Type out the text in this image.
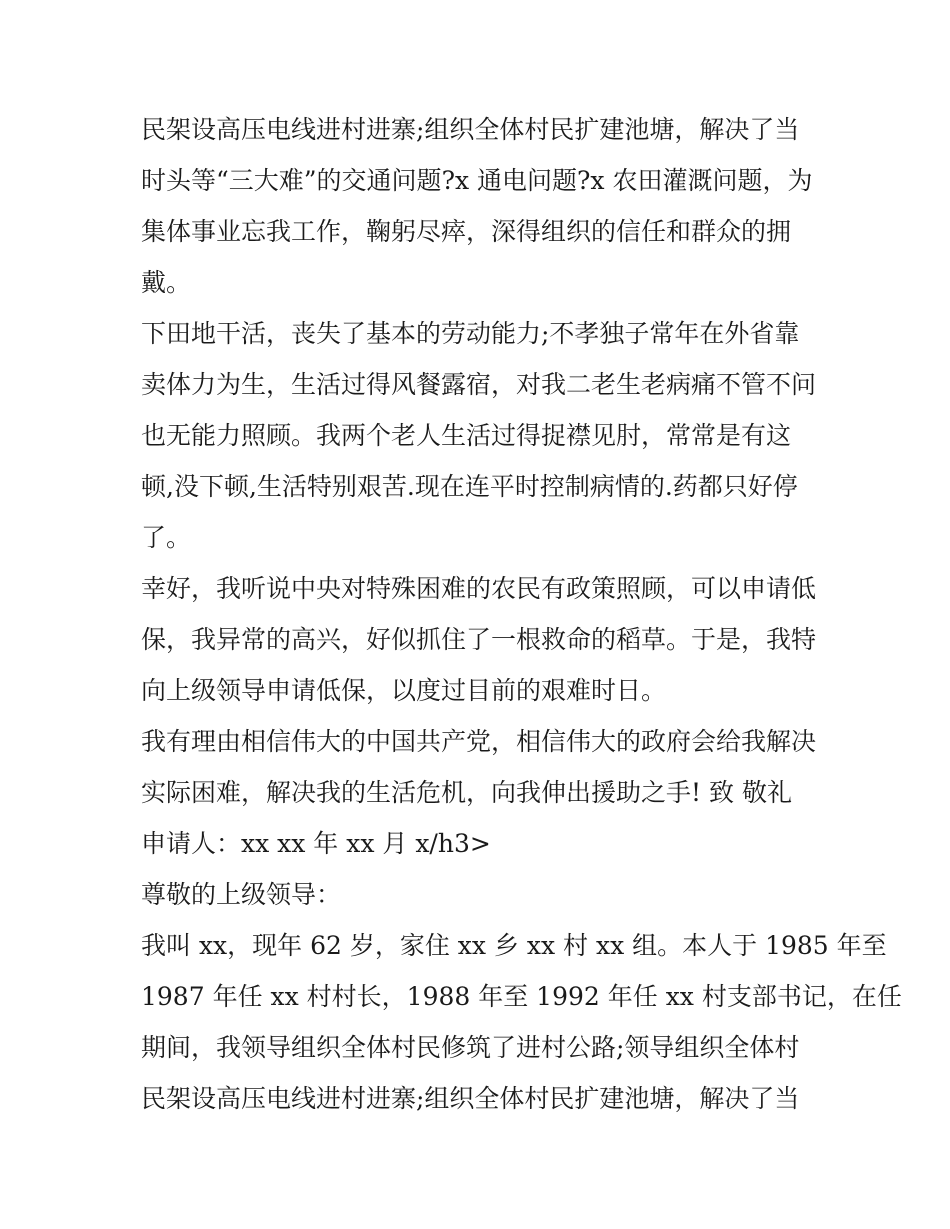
民架设高压电线进村进寨;组织全体村民扩建池塘，解决了当
时头等“三大难”的交通问题?x 通电问题?x 农田灌溉问题，为
集体事业忘我工作，鞠躬尽瘁，深得组织的信任和群众的拥
戴。
下田地干活，丧失了基本的劳动能力;不孝独子常年在外省靠
卖体力为生，生活过得风餐露宿，对我二老生老病痛不管不问
也无能力照顾。我两个老人生活过得捉襟见肘，常常是有这
顿,没下顿,生活特别艰苦.现在连平时控制病情的.药都只好停
了。
幸好，我听说中央对特殊困难的农民有政策照顾，可以申请低
保，我异常的高兴，好似抓住了一根救命的稻草。于是，我特
向上级领导申请低保，以度过目前的艰难时日。
我有理由相信伟大的中国共产党，相信伟大的政府会给我解决
实际困难，解决我的生活危机，向我伸出援助之手! 致 敬礼
申请人：xx xx 年 xx 月 x/h3>
尊敬的上级领导：
我叫 xx，现年 62 岁，家住 xx 乡 xx 村 xx 组。本人于 1985 年至
1987 年任 xx 村村长，1988 年至 1992 年任 xx 村支部书记，在任
期间，我领导组织全体村民修筑了进村公路;领导组织全体村
民架设高压电线进村进寨;组织全体村民扩建池塘，解决了当
